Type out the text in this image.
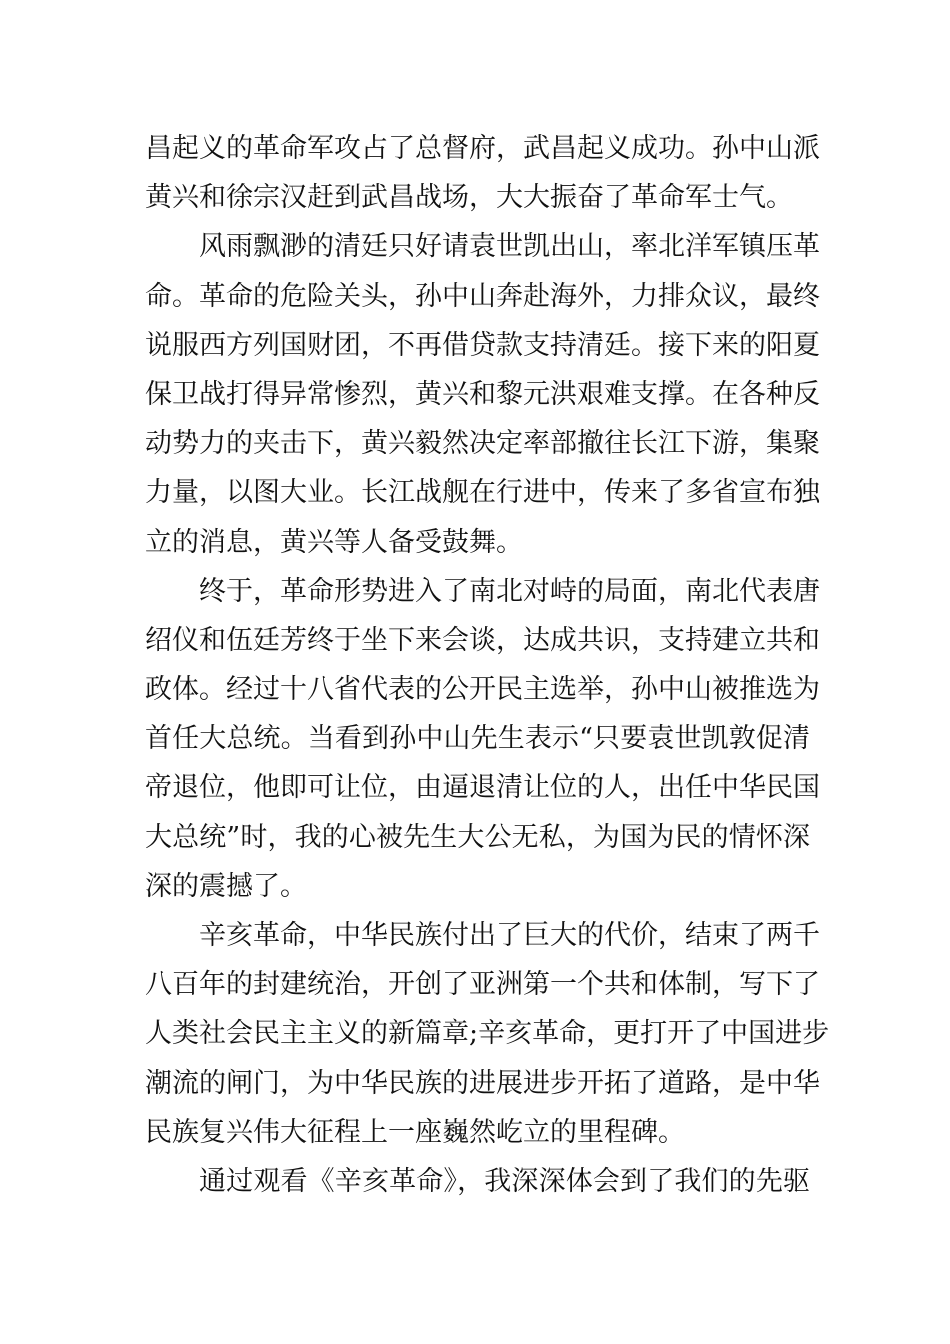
昌起义的革命军攻占了总督府，武昌起义成功。孙中山派
黄兴和徐宗汉赶到武昌战场，大大振奋了革命军士气。
风雨飘渺的清廷只好请袁世凯出山，率北洋军镇压革
命。革命的危险关头，孙中山奔赴海外，力排众议，最终
说服西方列国财团，不再借贷款支持清廷。接下来的阳夏
保卫战打得异常惨烈，黄兴和黎元洪艰难支撑。在各种反
动势力的夹击下，黄兴毅然决定率部撤往长江下游，集聚
力量，以图大业。长江战舰在行进中，传来了多省宣布独
立的消息，黄兴等人备受鼓舞。
终于，革命形势进入了南北对峙的局面，南北代表唐
绍仪和伍廷芳终于坐下来会谈，达成共识，支持建立共和
政体。经过十八省代表的公开民主选举，孙中山被推选为
首任大总统。当看到孙中山先生表示“只要袁世凯敦促清
帝退位，他即可让位，由逼退清让位的人，出任中华民国
大总统”时，我的心被先生大公无私，为国为民的情怀深
深的震撼了。
辛亥革命，中华民族付出了巨大的代价，结束了两千
八百年的封建统治，开创了亚洲第一个共和体制，写下了
人类社会民主主义的新篇章;辛亥革命，更打开了中国进步
潮流的闸门，为中华民族的进展进步开拓了道路，是中华
民族复兴伟大征程上一座巍然屹立的里程碑。
通过观看《辛亥革命》，我深深体会到了我们的先驱
